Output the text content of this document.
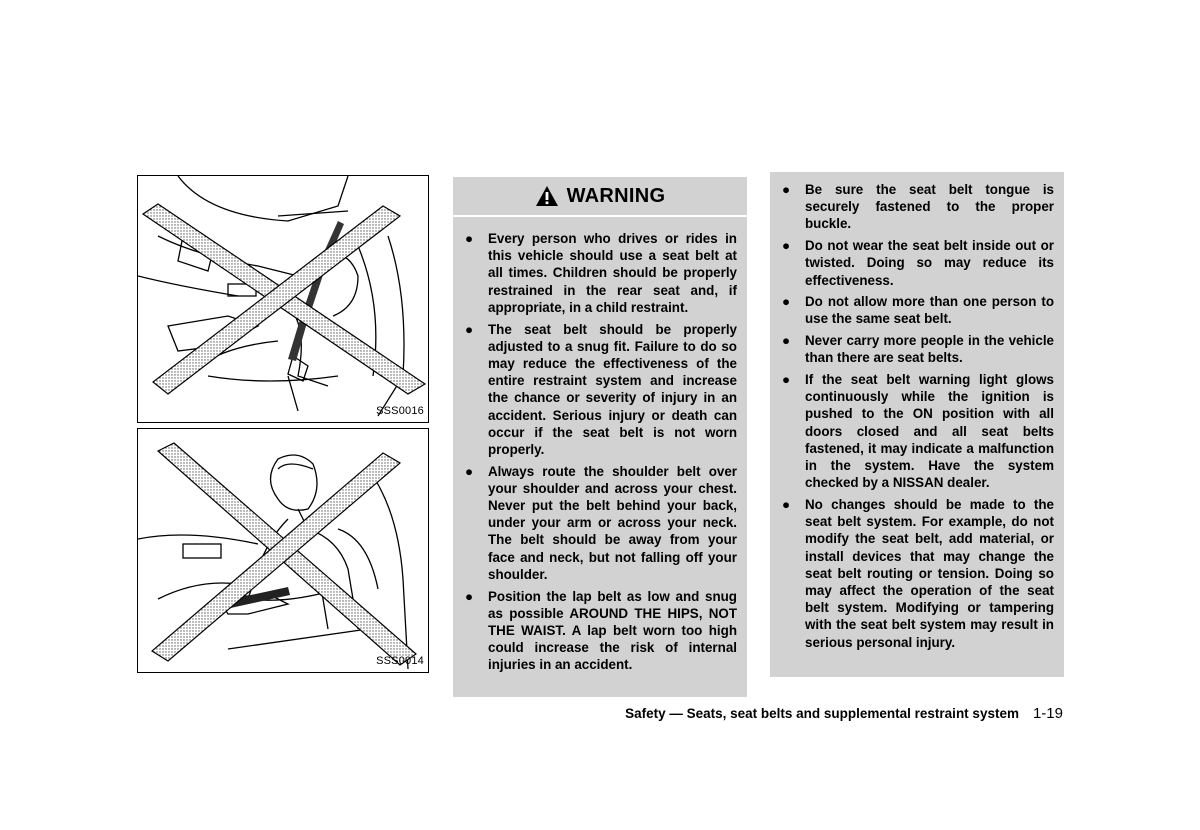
SSS0016
SSS0014
WARNING
● Every person who drives or rides in this vehicle should use a seat belt at all times. Children should be properly restrained in the rear seat and, if appropriate, in a child restraint.
● The seat belt should be properly adjusted to a snug fit. Failure to do so may reduce the effectiveness of the entire restraint system and increase the chance or severity of injury in an accident. Serious injury or death can occur if the seat belt is not worn properly.
● Always route the shoulder belt over your shoulder and across your chest. Never put the belt behind your back, under your arm or across your neck. The belt should be away from your face and neck, but not falling off your shoulder.
● Position the lap belt as low and snug as possible AROUND THE HIPS, NOT THE WAIST. A lap belt worn too high could increase the risk of internal injuries in an accident.
● Be sure the seat belt tongue is securely fastened to the proper buckle.
● Do not wear the seat belt inside out or twisted. Doing so may reduce its effectiveness.
● Do not allow more than one person to use the same seat belt.
● Never carry more people in the vehicle than there are seat belts.
● If the seat belt warning light glows continuously while the ignition is pushed to the ON position with all doors closed and all seat belts fastened, it may indicate a malfunction in the system. Have the system checked by a NISSAN dealer.
● No changes should be made to the seat belt system. For example, do not modify the seat belt, add material, or install devices that may change the seat belt routing or tension. Doing so may affect the operation of the seat belt system. Modifying or tampering with the seat belt system may result in serious personal injury.
Safety — Seats, seat belts and supplemental restraint system 1-19
